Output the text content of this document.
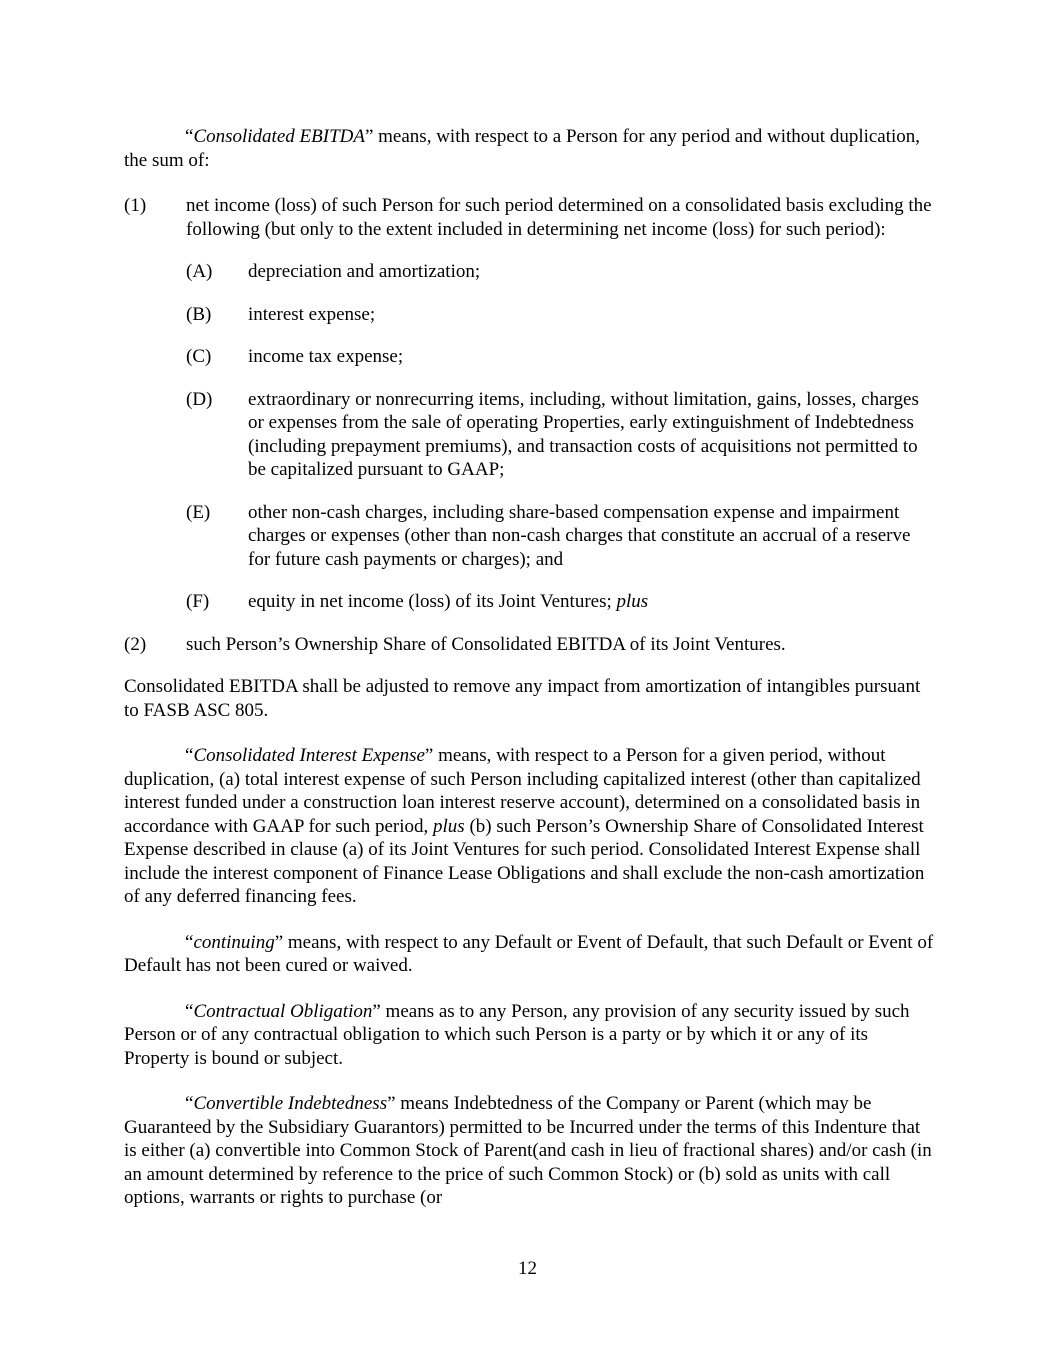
“Consolidated EBITDA” means, with respect to a Person for any period and without duplication, the sum of:

(1) net income (loss) of such Person for such period determined on a consolidated basis excluding the following (but only to the extent included in determining net income (loss) for such period):
(A) depreciation and amortization;
(B) interest expense;
(C) income tax expense;
(D) extraordinary or nonrecurring items, including, without limitation, gains, losses, charges or expenses from the sale of operating Properties, early extinguishment of Indebtedness (including prepayment premiums), and transaction costs of acquisitions not permitted to be capitalized pursuant to GAAP;
(E) other non-cash charges, including share-based compensation expense and impairment charges or expenses (other than non-cash charges that constitute an accrual of a reserve for future cash payments or charges); and
(F) equity in net income (loss) of its Joint Ventures; plus
(2) such Person’s Ownership Share of Consolidated EBITDA of its Joint Ventures.

Consolidated EBITDA shall be adjusted to remove any impact from amortization of intangibles pursuant to FASB ASC 805.

“Consolidated Interest Expense” means, with respect to a Person for a given period, without duplication, (a) total interest expense of such Person including capitalized interest (other than capitalized interest funded under a construction loan interest reserve account), determined on a consolidated basis in accordance with GAAP for such period, plus (b) such Person’s Ownership Share of Consolidated Interest Expense described in clause (a) of its Joint Ventures for such period. Consolidated Interest Expense shall include the interest component of Finance Lease Obligations and shall exclude the non-cash amortization of any deferred financing fees.

“continuing” means, with respect to any Default or Event of Default, that such Default or Event of Default has not been cured or waived.

“Contractual Obligation” means as to any Person, any provision of any security issued by such Person or of any contractual obligation to which such Person is a party or by which it or any of its Property is bound or subject.

“Convertible Indebtedness” means Indebtedness of the Company or Parent (which may be Guaranteed by the Subsidiary Guarantors) permitted to be Incurred under the terms of this Indenture that is either (a) convertible into Common Stock of Parent(and cash in lieu of fractional shares) and/or cash (in an amount determined by reference to the price of such Common Stock) or (b) sold as units with call options, warrants or rights to purchase (or

12
